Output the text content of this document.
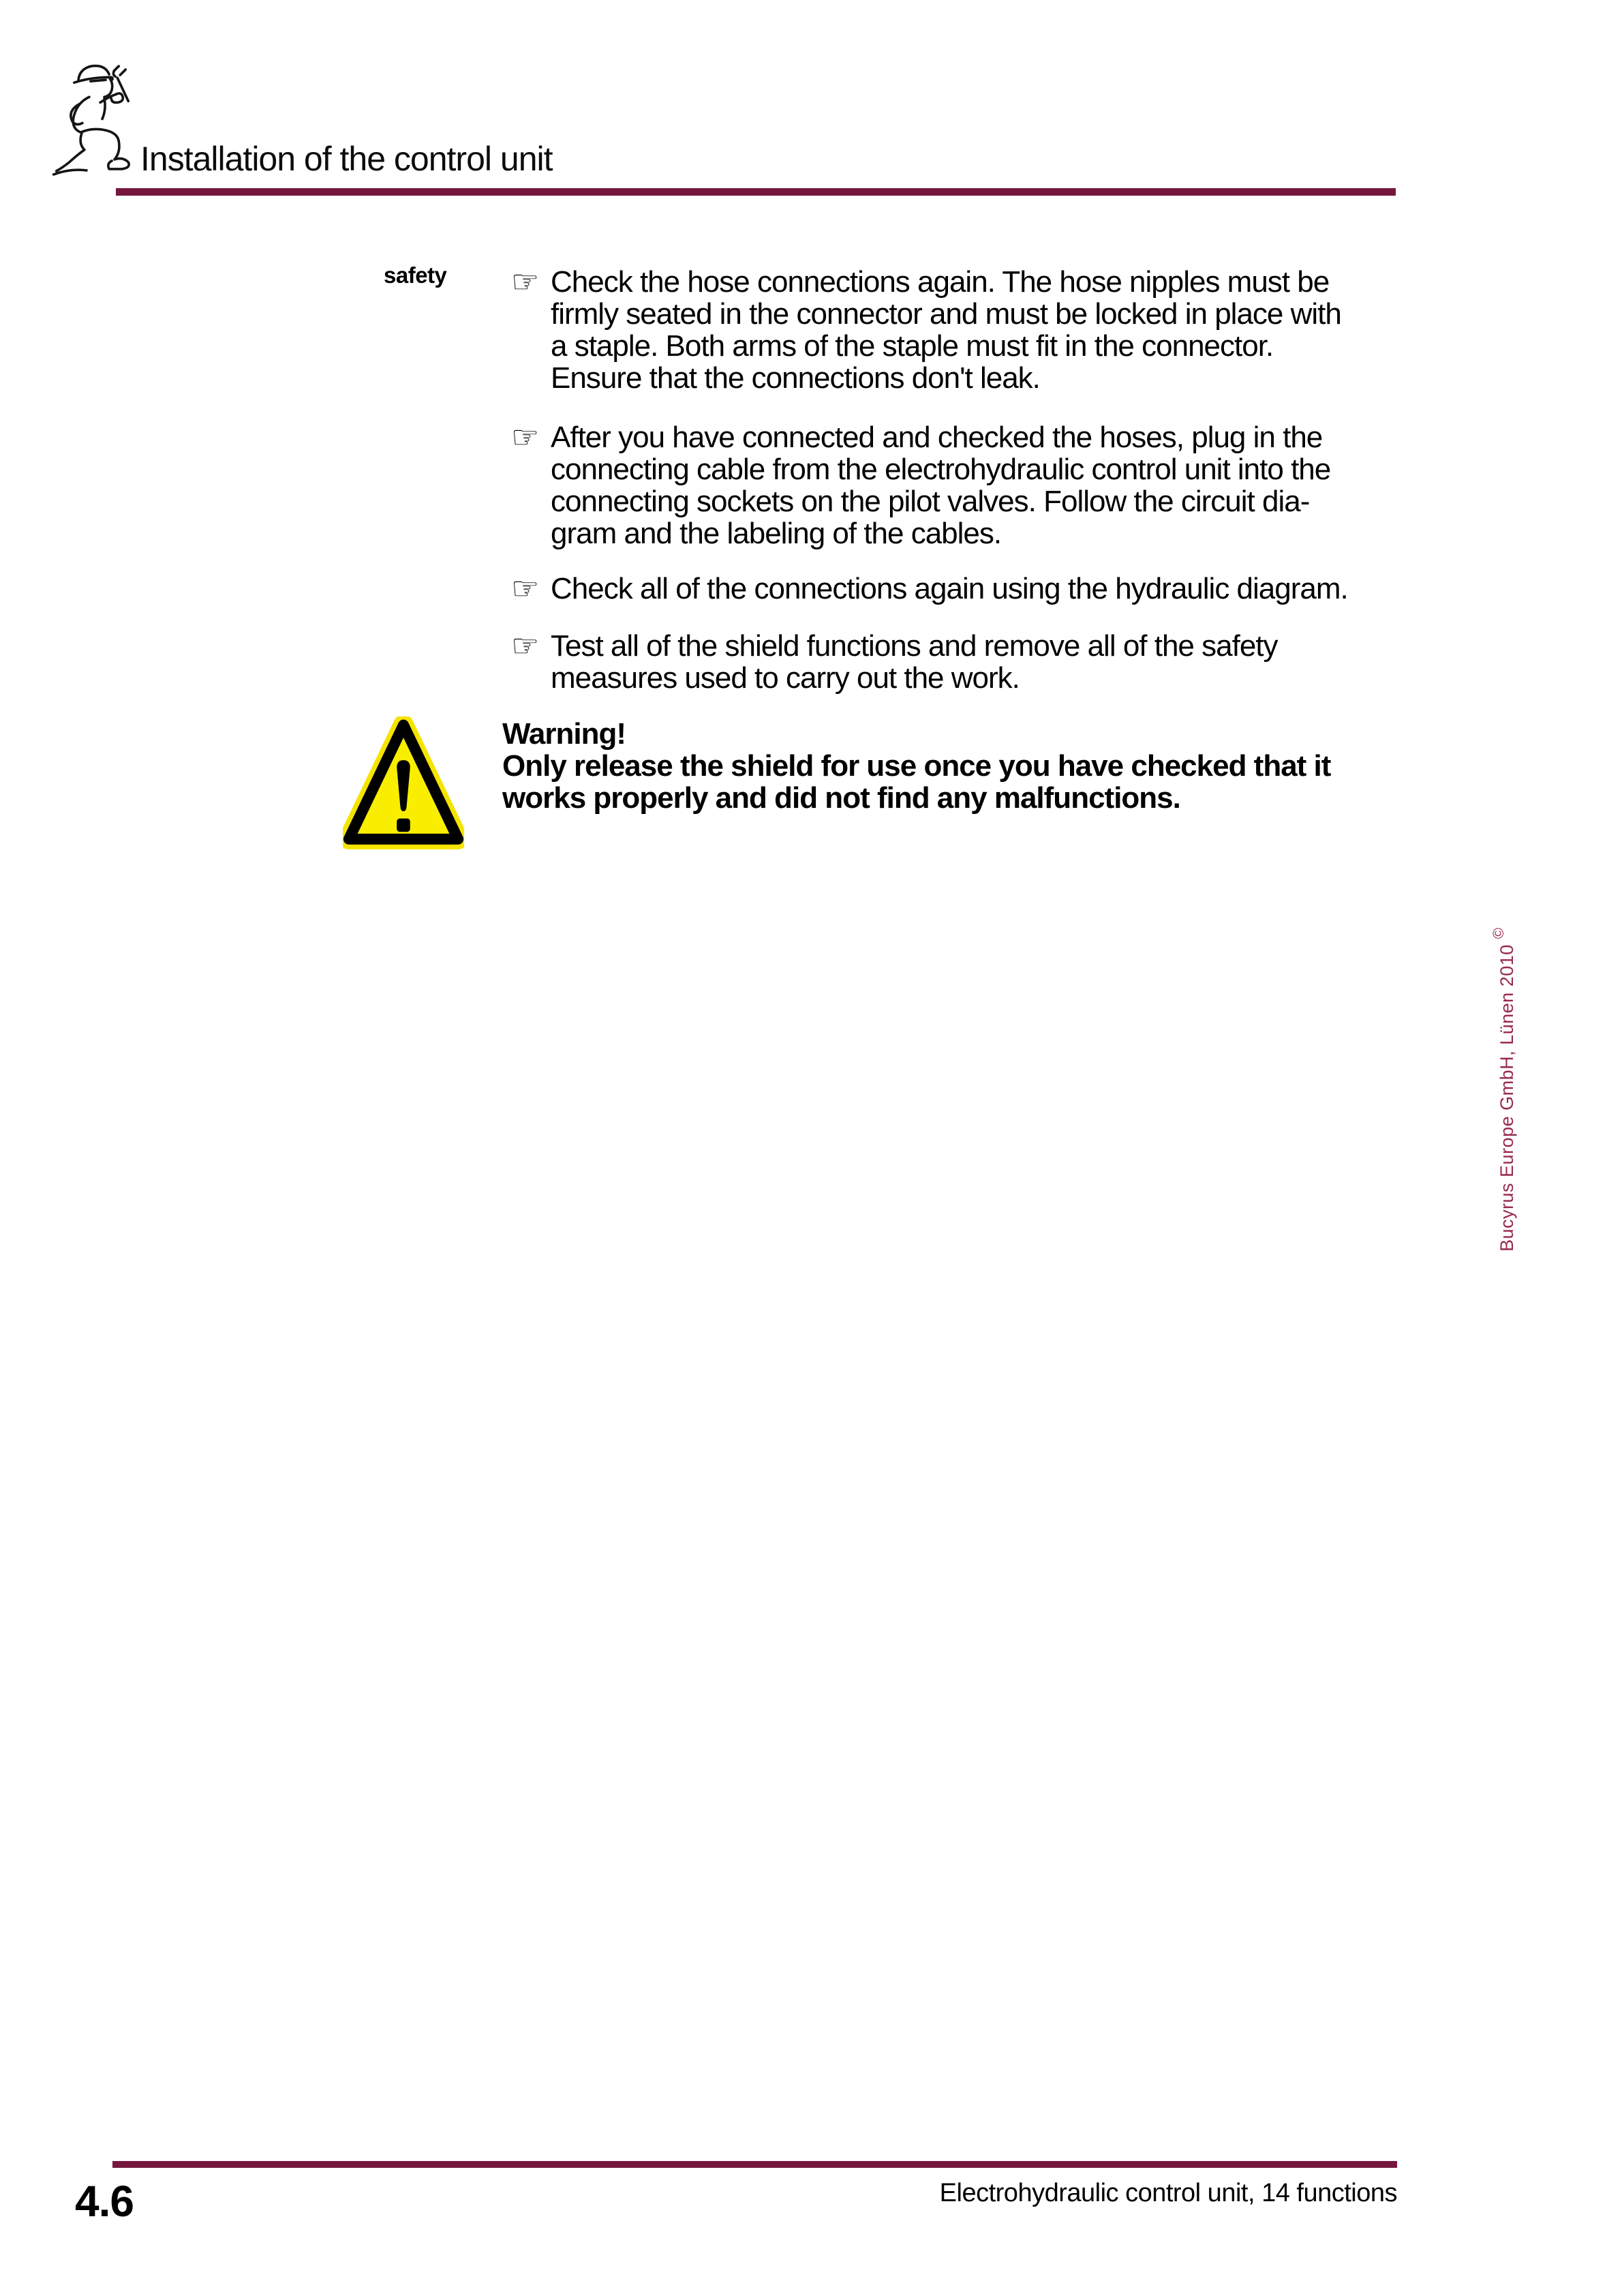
Installation of the control unit
safety ☞ Check the hose connections again. The hose nipples must be
firmly seated in the connector and must be locked in place with
a staple. Both arms of the staple must fit in the connector.
Ensure that the connections don't leak.
☞ After you have connected and checked the hoses, plug in the
connecting cable from the electrohydraulic control unit into the
connecting sockets on the pilot valves. Follow the circuit dia-
gram and the labeling of the cables.
☞ Check all of the connections again using the hydraulic diagram.
☞ Test all of the shield functions and remove all of the safety
measures used to carry out the work.
Warning!
Only release the shield for use once you have checked that it
works properly and did not find any malfunctions.
Bucyrus Europe GmbH, Lünen 2010 ©
Electrohydraulic control unit, 14 functions
4.6
